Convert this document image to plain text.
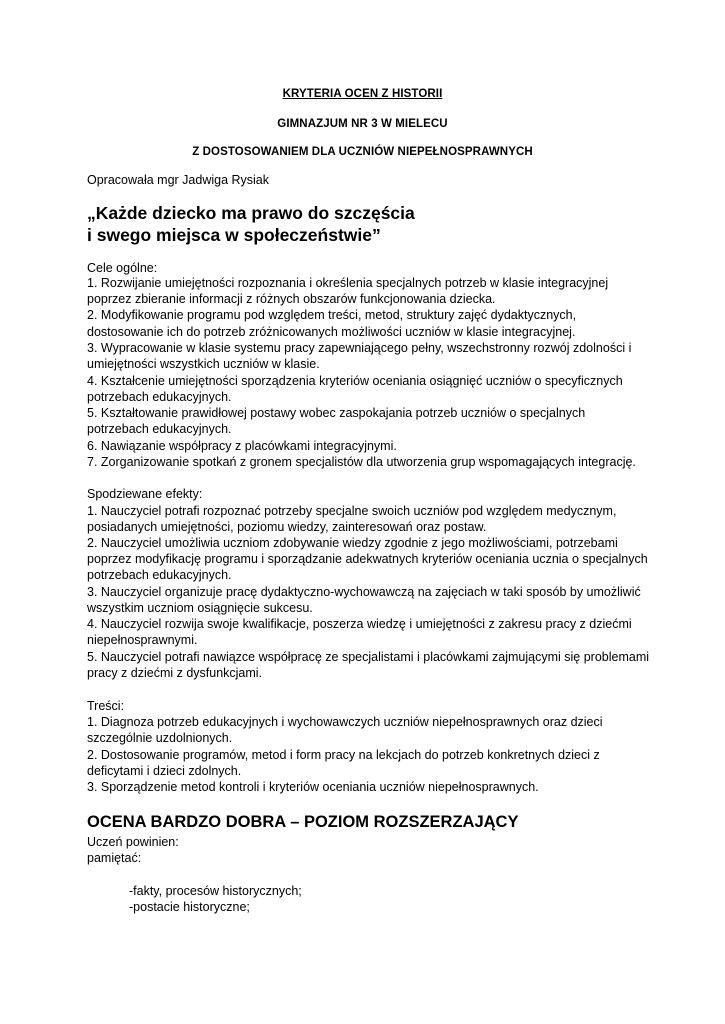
KRYTERIA OCEN Z HISTORII
GIMNAZJUM NR 3 W MIELECU
Z DOSTOSOWANIEM DLA UCZNIÓW NIEPEŁNOSPRAWNYCH
Opracowała mgr Jadwiga Rysiak
„Każde dziecko ma prawo do szczęścia
i swego miejsca w społeczeństwie”
Cele ogólne:
1. Rozwijanie umiejętności rozpoznania i określenia specjalnych potrzeb w klasie integracyjnej
poprzez zbieranie informacji z różnych obszarów funkcjonowania dziecka.
2. Modyfikowanie programu pod względem treści, metod, struktury zajęć dydaktycznych,
dostosowanie ich do potrzeb zróżnicowanych możliwości uczniów w klasie integracyjnej.
3. Wypracowanie w klasie systemu pracy zapewniającego pełny, wszechstronny rozwój zdolności i
umiejętności wszystkich uczniów w klasie.
4. Kształcenie umiejętności sporządzenia kryteriów oceniania osiągnięć uczniów o specyficznych
potrzebach edukacyjnych.
5. Kształtowanie prawidłowej postawy wobec zaspokajania potrzeb uczniów o specjalnych
potrzebach edukacyjnych.
6. Nawiązanie współpracy z placówkami integracyjnymi.
7. Zorganizowanie spotkań z gronem specjalistów dla utworzenia grup wspomagających integrację.
Spodziewane efekty:
1. Nauczyciel potrafi rozpoznać potrzeby specjalne swoich uczniów pod względem medycznym,
posiadanych umiejętności, poziomu wiedzy, zainteresowań oraz postaw.
2. Nauczyciel umożliwia uczniom zdobywanie wiedzy zgodnie z jego możliwościami, potrzebami
poprzez modyfikację programu i sporządzanie adekwatnych kryteriów oceniania ucznia o specjalnych
potrzebach edukacyjnych.
3. Nauczyciel organizuje pracę dydaktyczno-wychowawczą na zajęciach w taki sposób by umożliwić
wszystkim uczniom osiągnięcie sukcesu.
4. Nauczyciel rozwija swoje kwalifikacje, poszerza wiedzę i umiejętności z zakresu pracy z dziećmi
niepełnosprawnymi.
5. Nauczyciel potrafi nawiązce współpracę ze specjalistami i placówkami zajmującymi się problemami
pracy z dziećmi z dysfunkcjami.
Treści:
1. Diagnoza potrzeb edukacyjnych i wychowawczych uczniów niepełnosprawnych oraz dzieci
szczególnie uzdolnionych.
2. Dostosowanie programów, metod i form pracy na lekcjach do potrzeb konkretnych dzieci z
deficytami i dzieci zdolnych.
3. Sporządzenie metod kontroli i kryteriów oceniania uczniów niepełnosprawnych.
OCENA BARDZO DOBRA – POZIOM ROZSZERZAJĄCY
Uczeń powinien:
pamiętać:
-fakty, procesów historycznych;
-postacie historyczne;
